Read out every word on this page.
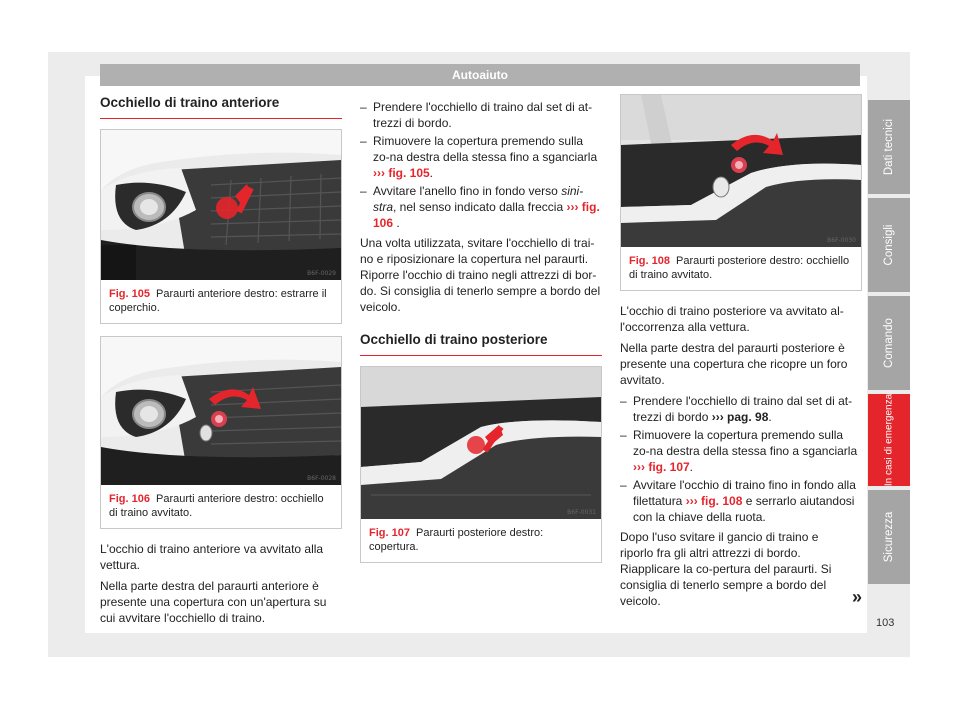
Autoaiuto
Occhiello di traino anteriore
B6F-0029
Fig. 105 Paraurti anteriore destro: estrarre il coperchio.
B6F-0028
Fig. 106 Paraurti anteriore destro: occhiello di traino avvitato.

L'occhio di traino anteriore va avvitato alla vettura.

Nella parte destra del paraurti anteriore è presente una copertura con un'apertura su cui avvitare l'occhiello di traino.

– Prendere l'occhiello di traino dal set di at-trezzi di bordo.
– Rimuovere la copertura premendo sulla zo-na destra della stessa fino a sganciarla ››› fig. 105.
– Avvitare l'anello fino in fondo verso sini-stra, nel senso indicato dalla freccia ››› fig. 106 .

Una volta utilizzata, svitare l'occhiello di trai-no e riposizionare la copertura nel paraurti. Riporre l'occhio di traino negli attrezzi di bor-do. Si consiglia di tenerlo sempre a bordo del veicolo.

Occhiello di traino posteriore
B6F-0031
Fig. 107 Paraurti posteriore destro: copertura.
B6F-0030
Fig. 108 Paraurti posteriore destro: occhiello di traino avvitato.

L'occhio di traino posteriore va avvitato al-l'occorrenza alla vettura.

Nella parte destra del paraurti posteriore è presente una copertura che ricopre un foro avvitato.

– Prendere l'occhiello di traino dal set di at-trezzi di bordo ››› pag. 98.
– Rimuovere la copertura premendo sulla zo-na destra della stessa fino a sganciarla ››› fig. 107.
– Avvitare l'occhio di traino fino in fondo alla filettatura ››› fig. 108 e serrarlo aiutandosi con la chiave della ruota.

Dopo l'uso svitare il gancio di traino e riporlo fra gli altri attrezzi di bordo. Riapplicare la co-pertura del paraurti. Si consiglia di tenerlo sempre a bordo del veicolo.	»
Dati tecnici
Consigli
Comando
In casi di emergenza
Sicurezza
103
